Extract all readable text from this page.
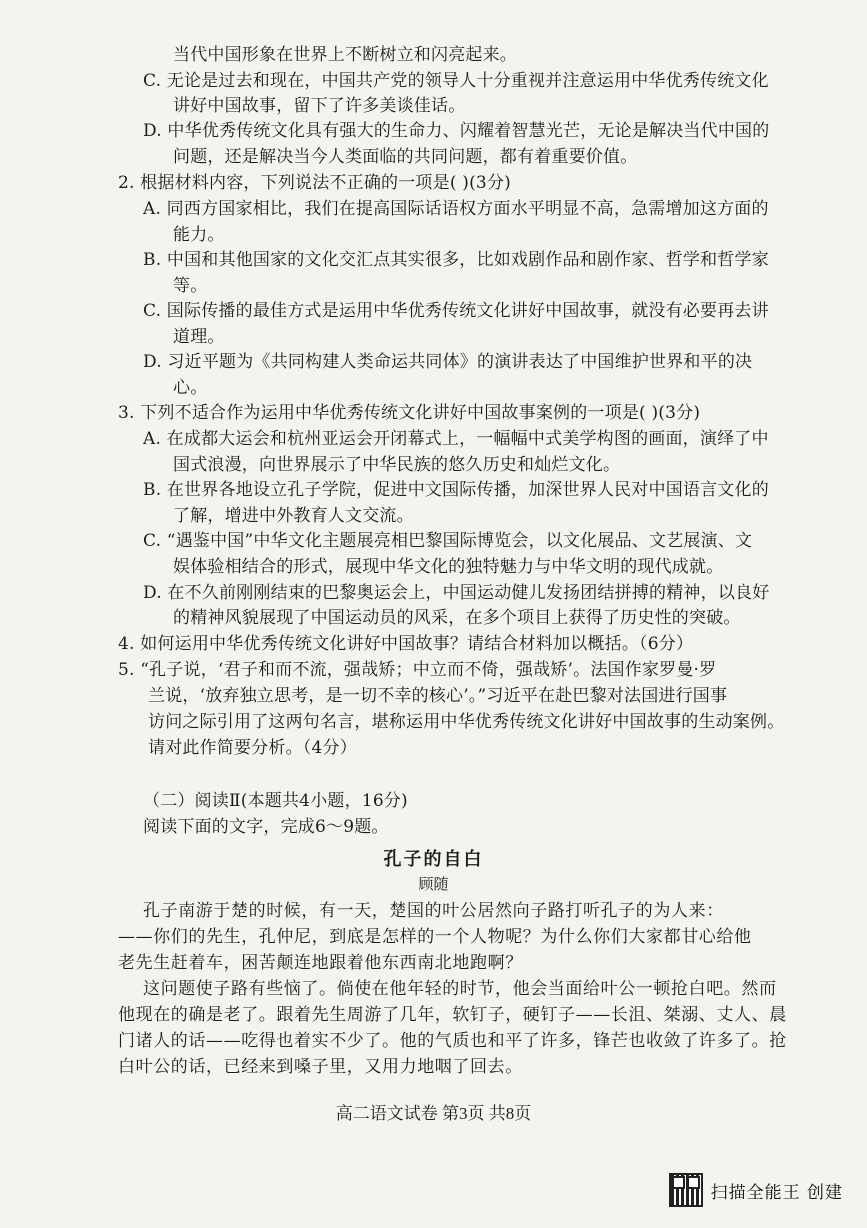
当代中国形象在世界上不断树立和闪亮起来。
C. 无论是过去和现在，中国共产党的领导人十分重视并注意运用中华优秀传统文化
讲好中国故事，留下了许多美谈佳话。
D. 中华优秀传统文化具有强大的生命力、闪耀着智慧光芒，无论是解决当代中国的
问题，还是解决当今人类面临的共同问题，都有着重要价值。
2. 根据材料内容，下列说法不正确的一项是( )(3分)
A. 同西方国家相比，我们在提高国际话语权方面水平明显不高，急需增加这方面的
能力。
B. 中国和其他国家的文化交汇点其实很多，比如戏剧作品和剧作家、哲学和哲学家
等。
C. 国际传播的最佳方式是运用中华优秀传统文化讲好中国故事，就没有必要再去讲
道理。
D. 习近平题为《共同构建人类命运共同体》的演讲表达了中国维护世界和平的决
心。
3. 下列不适合作为运用中华优秀传统文化讲好中国故事案例的一项是( )(3分)
A. 在成都大运会和杭州亚运会开闭幕式上，一幅幅中式美学构图的画面，演绎了中
国式浪漫，向世界展示了中华民族的悠久历史和灿烂文化。
B. 在世界各地设立孔子学院，促进中文国际传播，加深世界人民对中国语言文化的
了解，增进中外教育人文交流。
C. “遇鉴中国”中华文化主题展亮相巴黎国际博览会，以文化展品、文艺展演、文
娱体验相结合的形式，展现中华文化的独特魅力与中华文明的现代成就。
D. 在不久前刚刚结束的巴黎奥运会上，中国运动健儿发扬团结拼搏的精神，以良好
的精神风貌展现了中国运动员的风采，在多个项目上获得了历史性的突破。
4. 如何运用中华优秀传统文化讲好中国故事？请结合材料加以概括。（6分）
5. “孔子说，‘君子和而不流，强哉矫；中立而不倚，强哉矫’。法国作家罗曼·罗
兰说，‘放弃独立思考，是一切不幸的核心’。”习近平在赴巴黎对法国进行国事
访问之际引用了这两句名言，堪称运用中华优秀传统文化讲好中国故事的生动案例。
请对此作简要分析。（4分）
（二）阅读Ⅱ(本题共4小题，16分)
阅读下面的文字，完成6～9题。
孔子的自白
顾随
孔子南游于楚的时候，有一天，楚国的叶公居然向子路打听孔子的为人来：
——你们的先生，孔仲尼，到底是怎样的一个人物呢？为什么你们大家都甘心给他
老先生赶着车，困苦颠连地跟着他东西南北地跑啊？
这问题使子路有些恼了。倘使在他年轻的时节，他会当面给叶公一顿抢白吧。然而
他现在的确是老了。跟着先生周游了几年，软钉子，硬钉子——长沮、桀溺、丈人、晨
门诸人的话——吃得也着实不少了。他的气质也和平了许多，锋芒也收敛了许多了。抢
白叶公的话，已经来到嗓子里，又用力地咽了回去。
高二语文试卷 第3页 共8页
扫描全能王 创建
